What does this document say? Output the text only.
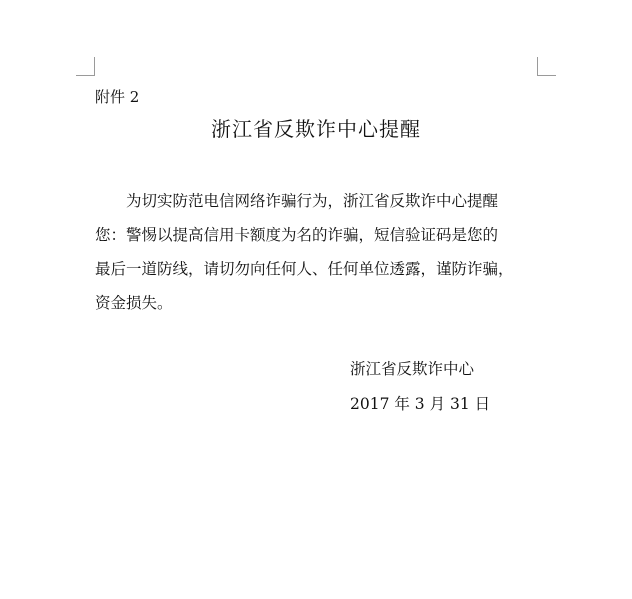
附件 2
浙江省反欺诈中心提醒
为切实防范电信网络诈骗行为，浙江省反欺诈中心提醒
您：警惕以提高信用卡额度为名的诈骗，短信验证码是您的
最后一道防线，请切勿向任何人、任何单位透露，谨防诈骗，
资金损失。
浙江省反欺诈中心
2017 年 3 月 31 日
